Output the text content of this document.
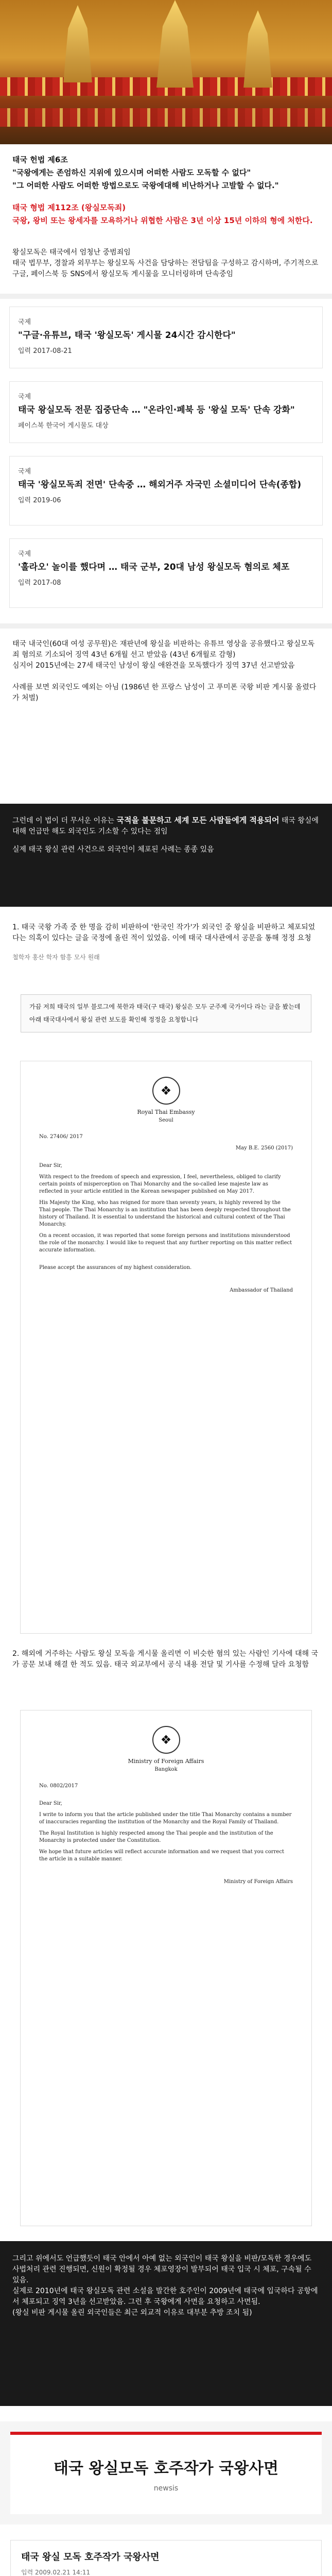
태국 헌법 제6조
"국왕에게는 존엄하신 지위에 있으시며 어떠한 사람도 모독할 수 없다"
"그 어떠한 사람도 어떠한 방법으로도 국왕에대해 비난하거나 고발할 수 없다."
태국 형법 제112조 (왕실모독죄)
국왕, 왕비 또는 왕세자를 모욕하거나 위협한 사람은 3년 이상 15년 이하의 형에 처한다.
왕실모독은 태국에서 엄청난 중범죄임
태국 법무부, 경찰과 외무부는 왕실모독 사건을 담당하는 전담팀을 구성하고 감시하며, 주기적으로 구글, 페이스북 등 SNS에서 왕실모독 게시물을 모니터링하며 단속중임
국제
"구글·유튜브, 태국 '왕실모독' 게시물 24시간 감시한다"
입력 2017-08-21
국제
태국 왕실모독 전문 집중단속 … "온라인·페북 등 '왕실 모독' 단속 강화"
페이스북 한국어 게시물도 대상
국제
태국 '왕실모독죄 전면' 단속중 … 해외거주 자국민 소셜미디어 단속(종합)
입력 2019-06
국제
'훌라오' 놀이를 했다며 … 태국 군부, 20대 남성 왕실모독 혐의로 체포
입력 2017-08
태국 내국인(60대 여성 공무원)은 재판년에 왕실을 비판하는 유튜브 영상을 공유했다고 왕실모독죄 혐의로 기소되어 징역 43년 6개월 선고 받았음 (43년 6개월로 감형)
심지어 2015년에는 27세 태국인 남성이 왕실 애완견을 모독했다가 징역 37년 선고받았음

사례를 보면 외국인도 예외는 아님 (1986년 한 프랑스 남성이 고 푸미폰 국왕 비판 게시물 올렸다가 처벌)
그런데 이 법이 더 무서운 이유는 국적을 불문하고 세계 모든 사람들에게 적용되어 태국 왕실에 대해 언급만 해도 외국인도 기소할 수 있다는 점임
실제 태국 왕실 관련 사건으로 외국인이 체포된 사례는 종종 있음
1. 태국 국왕 가족 중 한 명을 감히 비판하여 '한국인 작가'가 외국인 중 왕실을 비판하고 체포되었다는 의혹이 있다는 글을 국정에 올린 적이 있었음. 이에 태국 대사관에서 공문을 통해 정정 요청
철학자 홍산 학자 함흥 모사 원래
가끔 저희 태국의 일부 블로그에 북한과 태국(구 태국) 왕실은 모두 군주제 국가이다 라는 글을 봤는데
아래 태국대사에서 왕실 관련 보도를 확인해 정정을 요청합니다
❖

Royal Thai Embassy

Seoul

No. 27406/ 2017

May B.E. 2560 (2017)

Dear Sir,

With respect to the freedom of speech and expression, I feel, nevertheless, obliged to clarify certain points of misperception on Thai Monarchy and the so-called lese majeste law as reflected in your article entitled in the Korean newspaper published on May 2017.

His Majesty the King, who has reigned for more than seventy years, is highly revered by the Thai people. The Thai Monarchy is an institution that has been deeply respected throughout the history of Thailand. It is essential to understand the historical and cultural context of the Thai Monarchy.

On a recent occasion, it was reported that some foreign persons and institutions misunderstood the role of the monarchy. I would like to request that any further reporting on this matter reflect accurate information.

Please accept the assurances of my highest consideration.

Ambassador of Thailand

2. 해외에 거주하는 사람도 왕실 모독을 게시물 올리면 이 비슷한 혐의 있는 사람인 기사에 대해 국가 공문 보내 해결 한 적도 있음. 태국 외교부에서 공식 내용 전달 및 기사를 수정해 달라 요청함
❖

Ministry of Foreign Affairs

Bangkok

No. 0802/2017

Dear Sir,

I write to inform you that the article published under the title Thai Monarchy contains a number of inaccuracies regarding the institution of the Monarchy and the Royal Family of Thailand.

The Royal Institution is highly respected among the Thai people and the institution of the Monarchy is protected under the Constitution.

We hope that future articles will reflect accurate information and we request that you correct the article in a suitable manner.

Ministry of Foreign Affairs

그리고 위에서도 언급했듯이 태국 안에서 아예 없는 외국인이 태국 왕실을 비판/모독한 경우에도 사법처리 관련 진행되면, 신원이 확정될 경우 체포영장이 발부되어 태국 입국 시 체포, 구속될 수 있음.
실제로 2010년에 태국 왕실모독 관련 소설을 발간한 호주인이 2009년에 태국에 입국하다 공항에서 체포되고 징역 3년을 선고받았음. 그런 후 국왕에게 사면을 요청하고 사면됨.
(왕실 비판 게시물 올린 외국인들은 최근 외교적 이유로 대부분 추방 조치 됨)
태국 왕실모독 호주작가 국왕사면
newsis
태국 왕실 모독 호주작가 국왕사면
입력 2009.02.21 14:11
